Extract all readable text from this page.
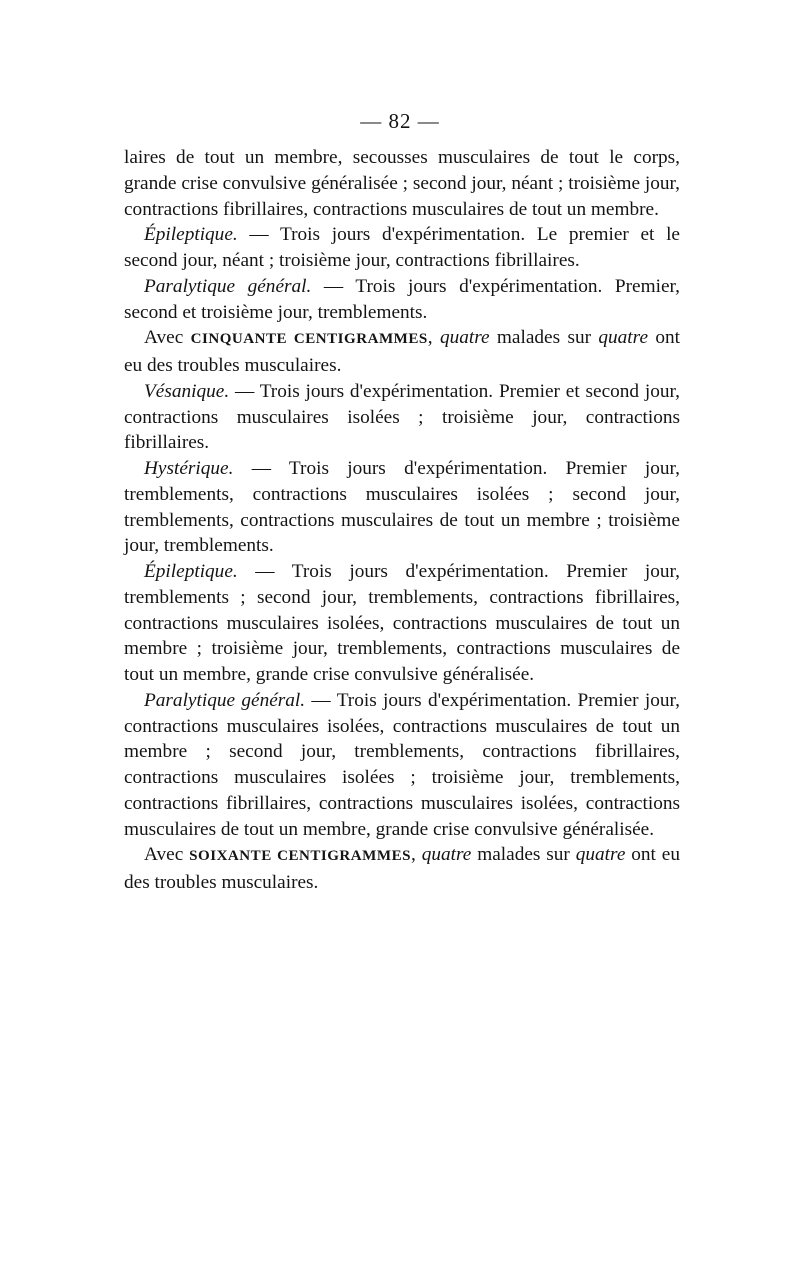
— 82 —

laires de tout un membre, secousses musculaires de tout le corps, grande crise convulsive généralisée ; second jour, néant ; troisième jour, contractions fibrillaires, contractions musculaires de tout un membre.

Épileptique. — Trois jours d'expérimentation. Le premier et le second jour, néant ; troisième jour, contractions fibrillaires.

Paralytique général. — Trois jours d'expérimentation. Premier, second et troisième jour, tremblements.

Avec CINQUANTE CENTIGRAMMES, quatre malades sur quatre ont eu des troubles musculaires.

Vésanique. — Trois jours d'expérimentation. Premier et second jour, contractions musculaires isolées ; troisième jour, contractions fibrillaires.

Hystérique. — Trois jours d'expérimentation. Premier jour, tremblements, contractions musculaires isolées ; second jour, tremblements, contractions musculaires de tout un membre ; troisième jour, tremblements.

Épileptique. — Trois jours d'expérimentation. Premier jour, tremblements ; second jour, tremblements, contractions fibrillaires, contractions musculaires isolées, contractions musculaires de tout un membre ; troisième jour, tremblements, contractions musculaires de tout un membre, grande crise convulsive généralisée.

Paralytique général. — Trois jours d'expérimentation. Premier jour, contractions musculaires isolées, contractions musculaires de tout un membre ; second jour, tremblements, contractions fibrillaires, contractions musculaires isolées ; troisième jour, tremblements, contractions fibrillaires, contractions musculaires isolées, contractions musculaires de tout un membre, grande crise convulsive généralisée.

Avec SOIXANTE CENTIGRAMMES, quatre malades sur quatre ont eu des troubles musculaires.
